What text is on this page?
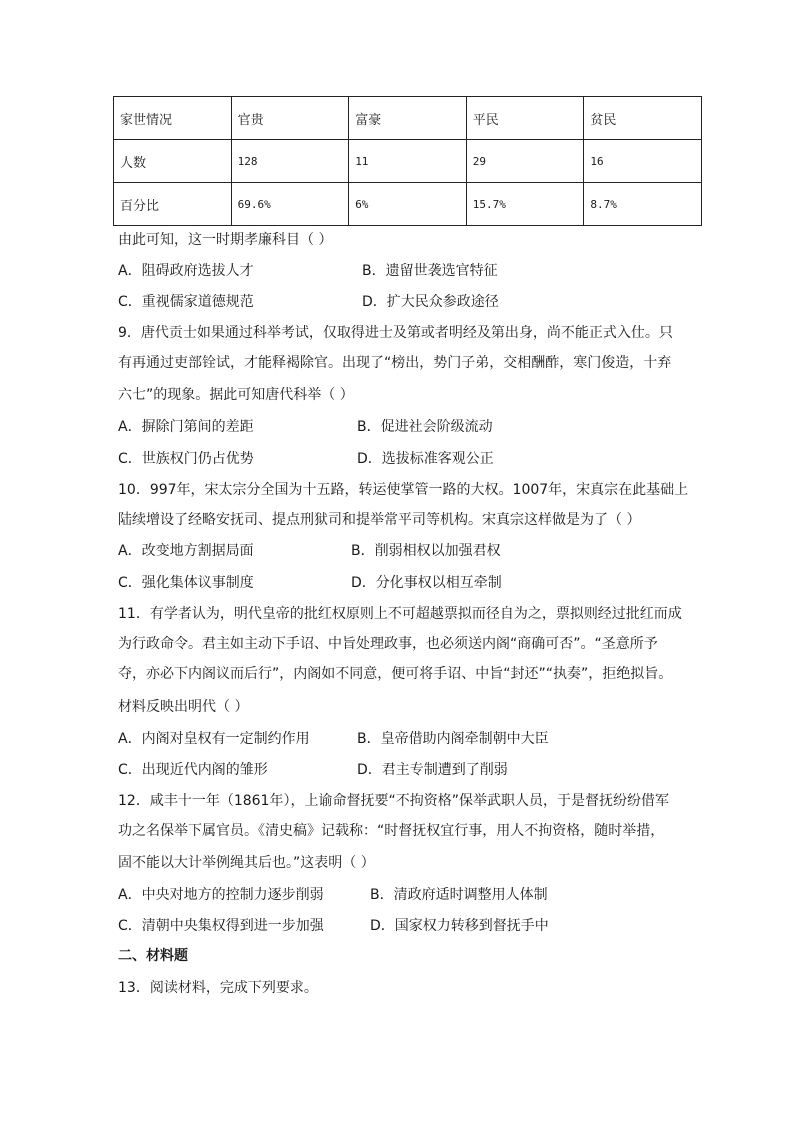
家世情况	官贵	富豪	平民	贫民
人数	128	11	29	16
百分比	69.6%	6%	15.7%	8.7%
由此可知，这一时期孝廉科目（ ）
A．阻碍政府选拔人才	B．遗留世袭选官特征
C．重视儒家道德规范	D．扩大民众参政途径
9．唐代贡士如果通过科举考试，仅取得进士及第或者明经及第出身，尚不能正式入仕。只
有再通过吏部铨试，才能释褐除官。出现了“榜出，势门子弟，交相酬酢，寒门俊造，十弃
六七”的现象。据此可知唐代科举（ ）
A．摒除门第间的差距	B．促进社会阶级流动
C．世族权门仍占优势	D．选拔标准客观公正
10．997年，宋太宗分全国为十五路，转运使掌管一路的大权。1007年，宋真宗在此基础上
陆续增设了经略安抚司、提点刑狱司和提举常平司等机构。宋真宗这样做是为了（ ）
A．改变地方割据局面	B．削弱相权以加强君权
C．强化集体议事制度	D．分化事权以相互牵制
11．有学者认为，明代皇帝的批红权原则上不可超越票拟而径自为之，票拟则经过批红而成
为行政命令。君主如主动下手诏、中旨处理政事，也必须送内阁“商确可否”。“圣意所予
夺，亦必下内阁议而后行”，内阁如不同意，便可将手诏、中旨“封还”“执奏”，拒绝拟旨。
材料反映出明代（ ）
A．内阁对皇权有一定制约作用	B．皇帝借助内阁牵制朝中大臣
C．出现近代内阁的雏形	D．君主专制遭到了削弱
12．咸丰十一年（1861年），上谕命督抚要“不拘资格”保举武职人员，于是督抚纷纷借军
功之名保举下属官员。《清史稿》记载称：“时督抚权宜行事，用人不拘资格，随时举措，
固不能以大计举例绳其后也。”这表明（ ）
A．中央对地方的控制力逐步削弱	B．清政府适时调整用人体制
C．清朝中央集权得到进一步加强	D．国家权力转移到督抚手中
二、材料题
13．阅读材料，完成下列要求。
